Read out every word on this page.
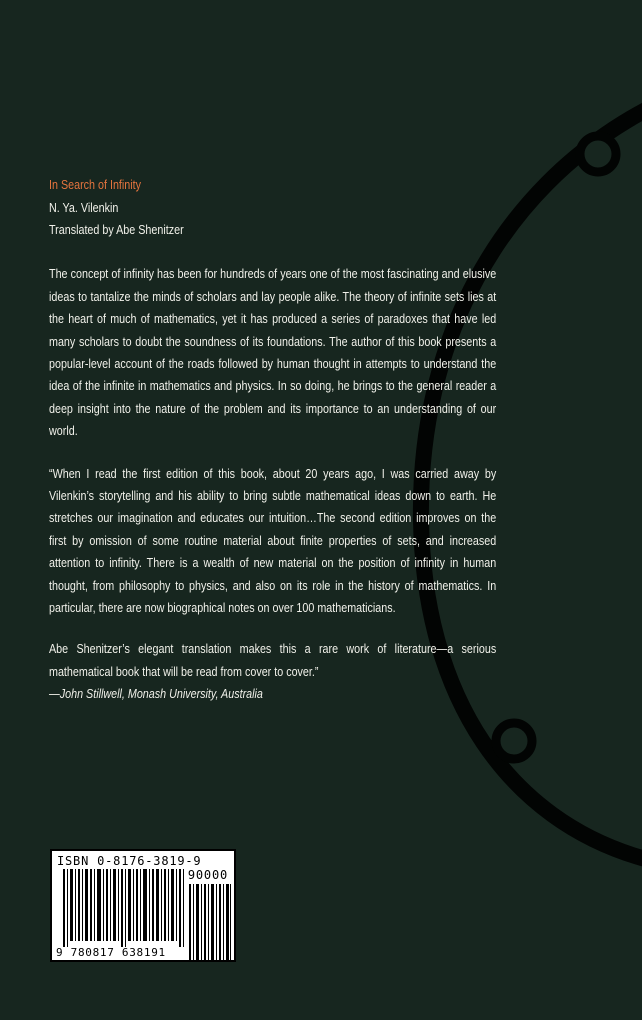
In Search of Infinity
N. Ya. Vilenkin
Translated by Abe Shenitzer

The concept of infinity has been for hundreds of years one of the most fascinating and elusive ideas to tantalize the minds of scholars and lay people alike. The theory of infinite sets lies at the heart of much of mathematics, yet it has produced a series of paradoxes that have led many scholars to doubt the soundness of its foundations. The author of this book presents a popular-level account of the roads followed by human thought in attempts to understand the idea of the infinite in mathematics and physics. In so doing, he brings to the general reader a deep insight into the nature of the problem and its importance to an understanding of our world.

“When I read the first edition of this book, about 20 years ago, I was carried away by Vilenkin’s storytelling and his ability to bring subtle mathematical ideas down to earth. He stretches our imagination and educates our intuition…The second edition improves on the first by omission of some routine material about finite properties of sets, and increased attention to infinity. There is a wealth of new material on the position of infinity in human thought, from philosophy to physics, and also on its role in the history of mathematics. In particular, there are now biographical notes on over 100 mathematicians.

Abe Shenitzer’s elegant translation makes this a rare work of literature—a serious mathematical book that will be read from cover to cover.”

—John Stillwell, Monash University, Australia

ISBN 0-8176-3819-9
90000
9 780817 638191
